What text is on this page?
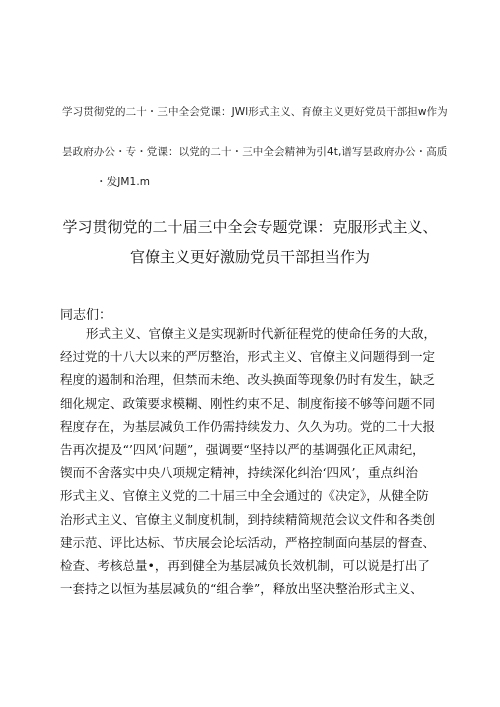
学习贯彻党的二十・三中全会党课：JWl形式主义、育僚主义更好党员干部担w作为
昙政府办公・专・党课：以党的二十・三中全会精神为引4t,谱写昙政府办公・高质
・发JM1.m
学习贯彻党的二十届三中全会专题党课：克服形式主义、
官僚主义更好激励党员干部担当作为
同志们：
形式主义、官僚主义是实现新时代新征程党的使命任务的大敌，
经过党的十八大以来的严厉整治，形式主义、官僚主义问题得到一定
程度的遏制和治理，但禁而未绝、改头换面等现象仍时有发生，缺乏
细化规定、政策要求模糊、刚性约束不足、制度衔接不够等问题不同
程度存在，为基层减负工作仍需持续发力、久久为功。党的二十大报
告再次提及“’四风’问题”，强调要“坚持以严的基调强化正风肃纪，
锲而不舍落实中央八项规定精神，持续深化纠治‘四风’，重点纠治
形式主义、官僚主义党的二十届三中全会通过的《决定》，从健全防
治形式主义、官僚主义制度机制，到持续精简规范会议文件和各类创
建示范、评比达标、节庆展会论坛活动，严格控制面向基层的督查、
检查、考核总量•，再到健全为基层减负长效机制，可以说是打出了
一套持之以恒为基层减负的“组合拳”，释放出坚决整治形式主义、
